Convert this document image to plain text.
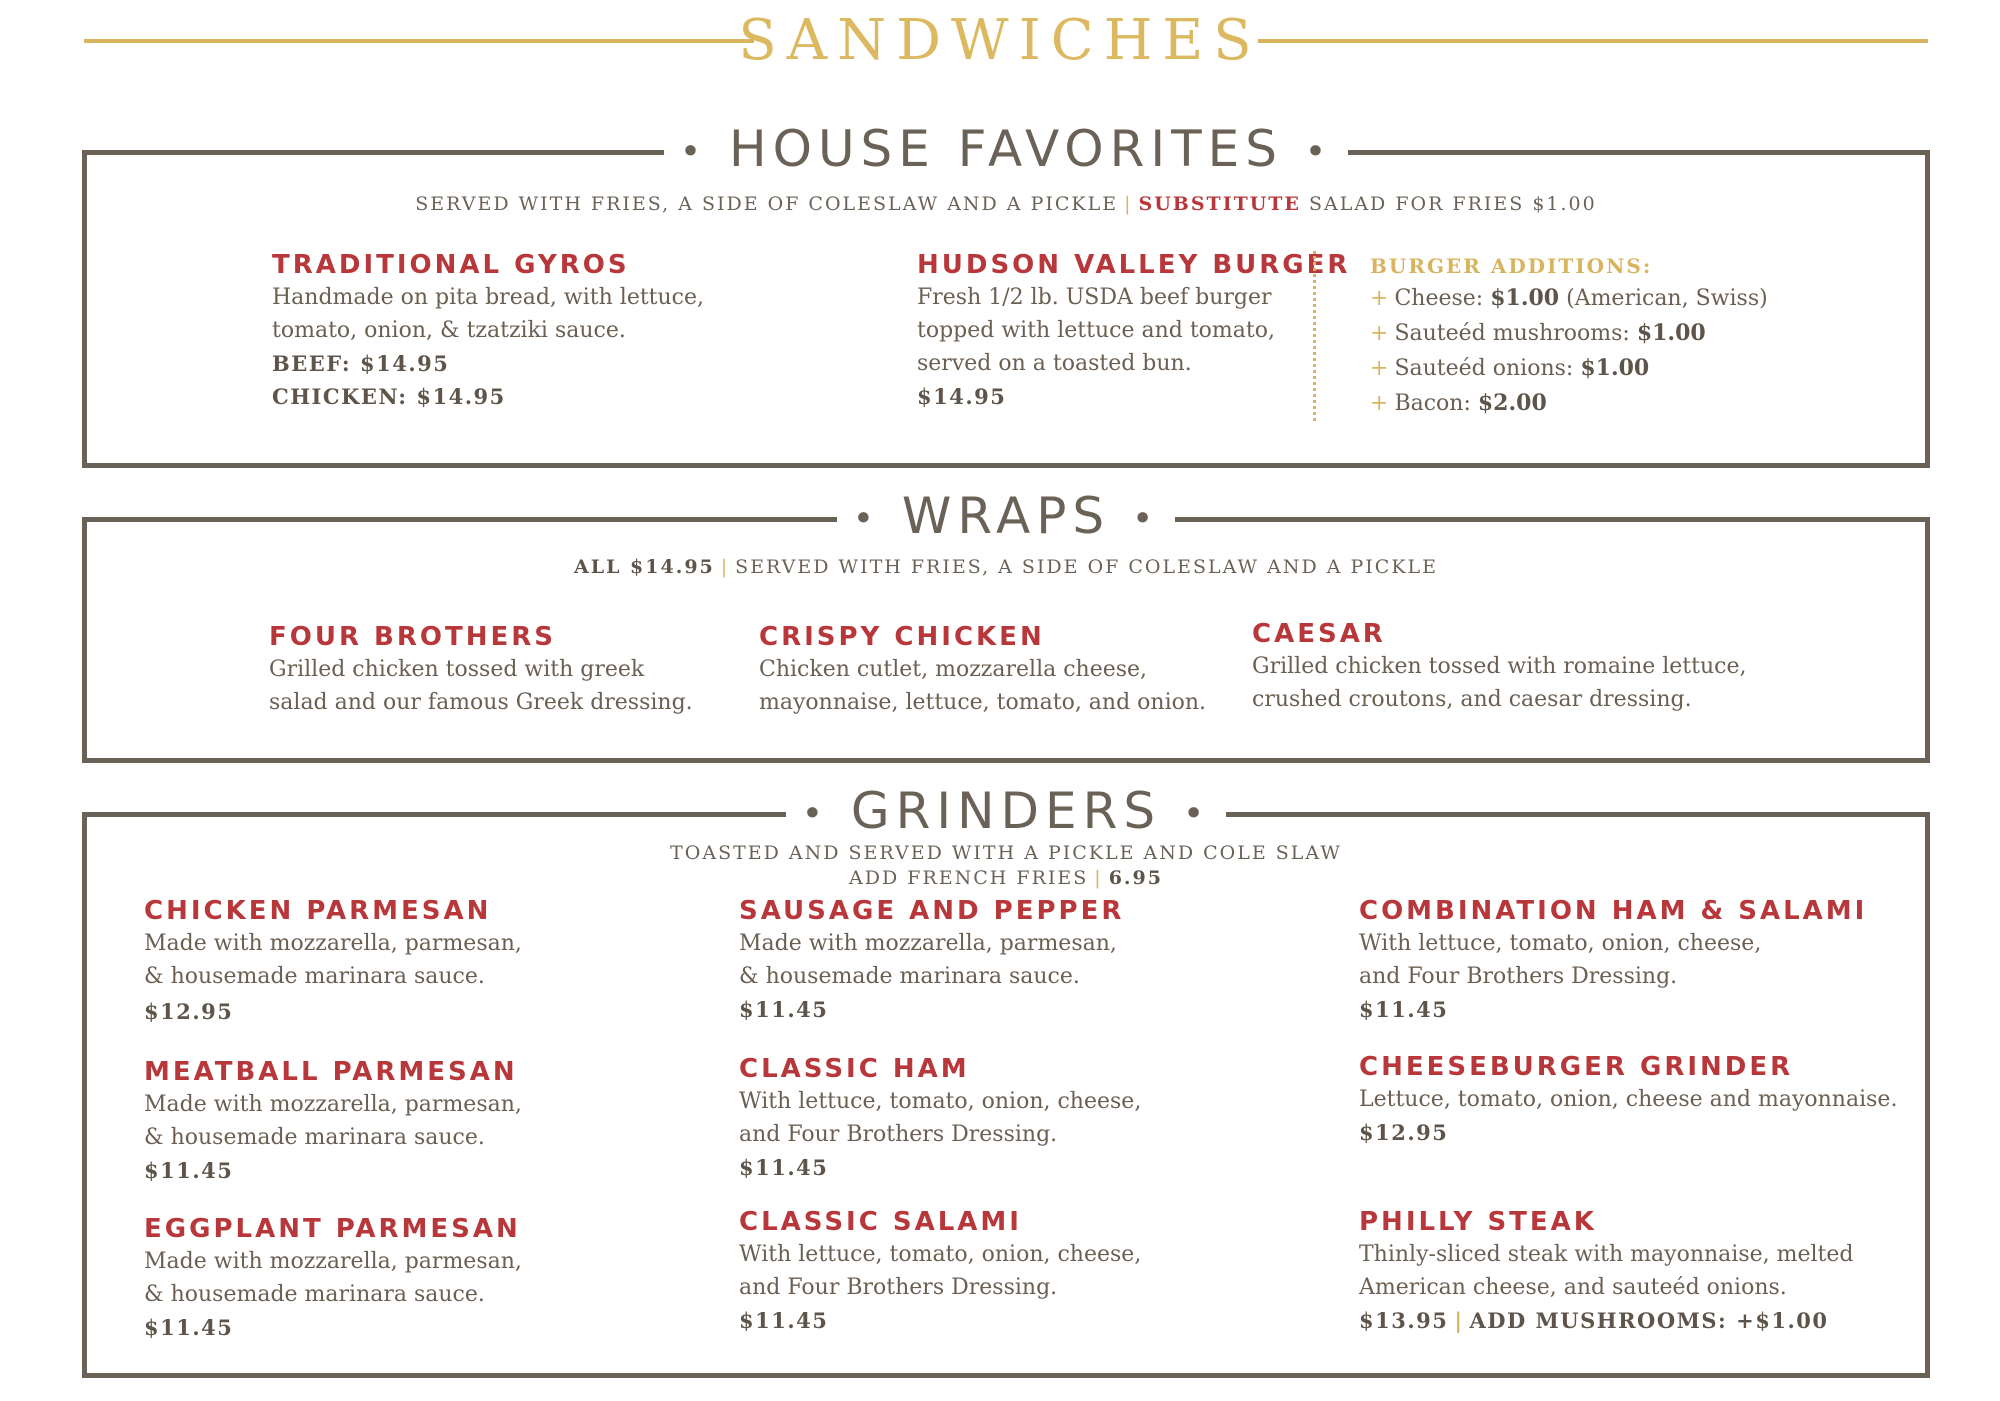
SANDWICHES
• HOUSE FAVORITES •
SERVED WITH FRIES, A SIDE OF COLESLAW AND A PICKLE | SUBSTITUTE SALAD FOR FRIES $1.00
TRADITIONAL GYROS
Handmade on pita bread, with lettuce,
tomato, onion, & tzatziki sauce.
BEEF: $14.95
CHICKEN: $14.95
HUDSON VALLEY BURGER
Fresh 1/2 lb. USDA beef burger
topped with lettuce and tomato,
served on a toasted bun.
$14.95
BURGER ADDITIONS:
+ Cheese: $1.00 (American, Swiss)
+ Sauteéd mushrooms: $1.00
+ Sauteéd onions: $1.00
+ Bacon: $2.00
• WRAPS •
ALL $14.95 | SERVED WITH FRIES, A SIDE OF COLESLAW AND A PICKLE
FOUR BROTHERS
Grilled chicken tossed with greek
salad and our famous Greek dressing.
CRISPY CHICKEN
Chicken cutlet, mozzarella cheese,
mayonnaise, lettuce, tomato, and onion.
CAESAR
Grilled chicken tossed with romaine lettuce,
crushed croutons, and caesar dressing.
• GRINDERS •
TOASTED AND SERVED WITH A PICKLE AND COLE SLAW
ADD FRENCH FRIES | 6.95
CHICKEN PARMESAN
Made with mozzarella, parmesan,
& housemade marinara sauce.
$12.95
MEATBALL PARMESAN
Made with mozzarella, parmesan,
& housemade marinara sauce.
$11.45
EGGPLANT PARMESAN
Made with mozzarella, parmesan,
& housemade marinara sauce.
$11.45
SAUSAGE AND PEPPER
Made with mozzarella, parmesan,
& housemade marinara sauce.
$11.45
CLASSIC HAM
With lettuce, tomato, onion, cheese,
and Four Brothers Dressing.
$11.45
CLASSIC SALAMI
With lettuce, tomato, onion, cheese,
and Four Brothers Dressing.
$11.45
COMBINATION HAM & SALAMI
With lettuce, tomato, onion, cheese,
and Four Brothers Dressing.
$11.45
CHEESEBURGER GRINDER
Lettuce, tomato, onion, cheese and mayonnaise.
$12.95
PHILLY STEAK
Thinly-sliced steak with mayonnaise, melted
American cheese, and sauteéd onions.
$13.95 | ADD MUSHROOMS: +$1.00
